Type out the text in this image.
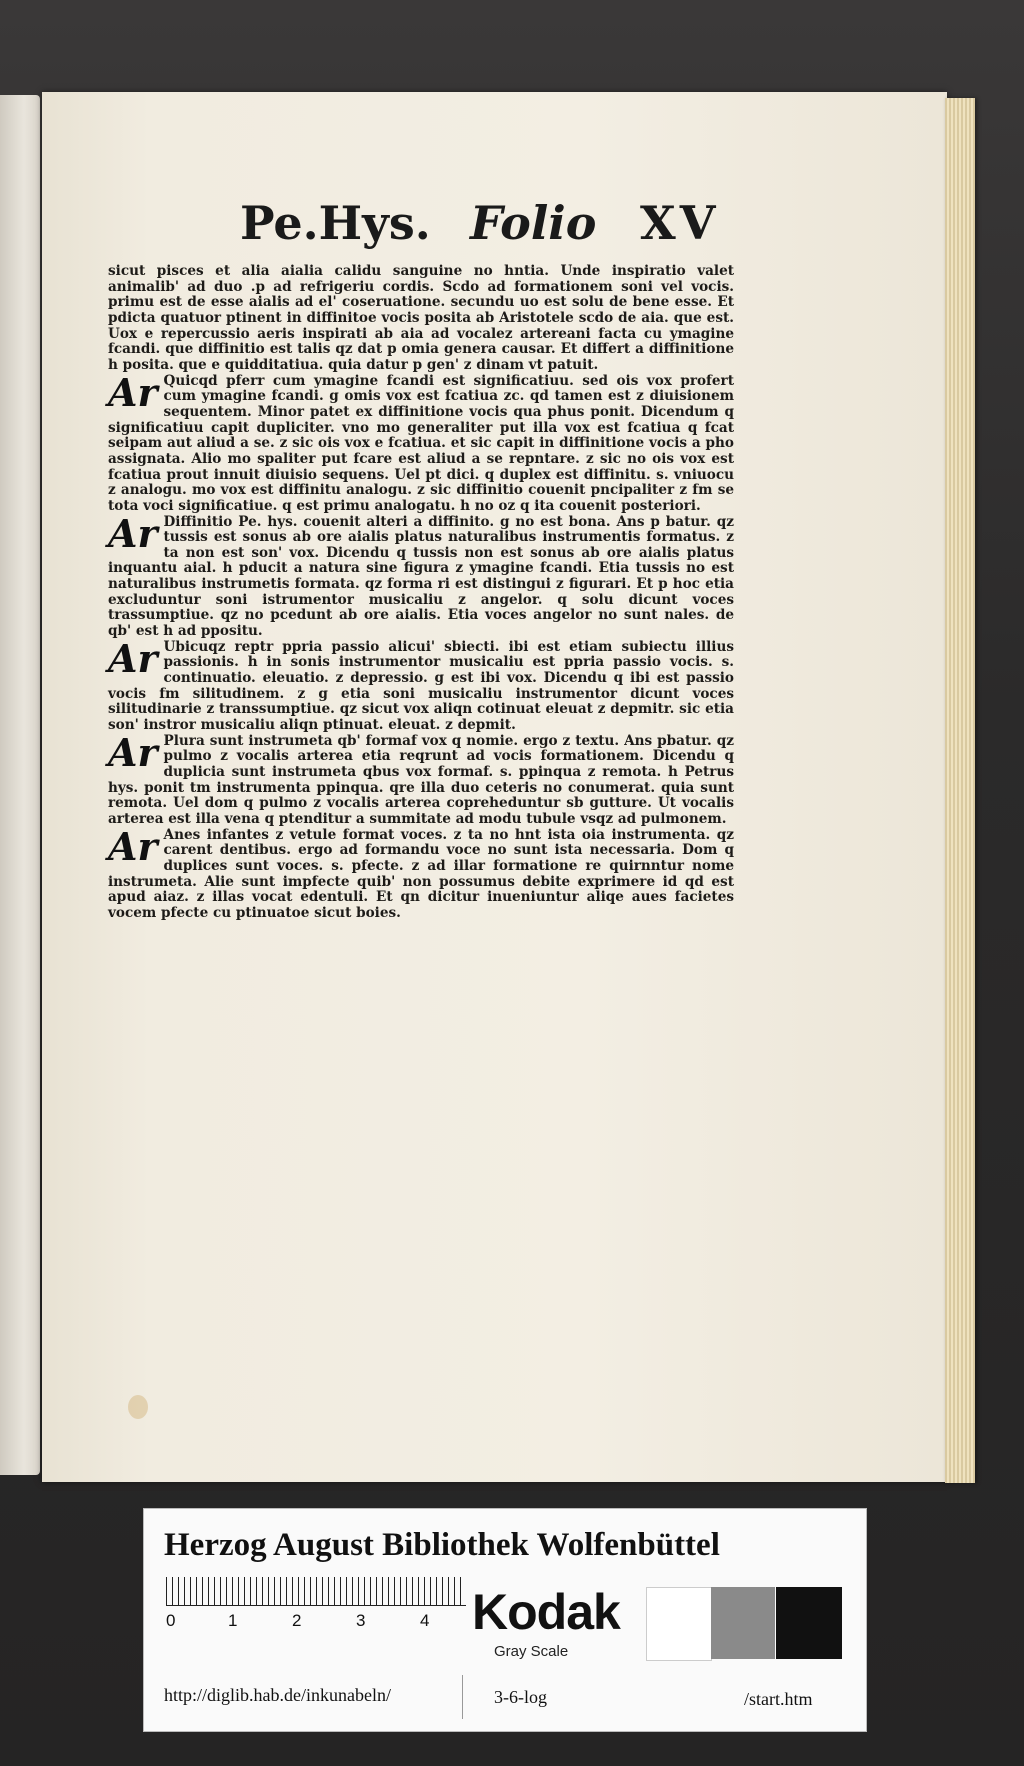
Pe.Hys. Folio XV

sicut pisces et alia aialia calidu sanguine no hntia. Unde inspiratio valet animalib' ad duo .p ad refrigeriu cordis. Scdo ad formationem soni vel vocis. primu est de esse aialis ad el' coseruatione. secundu uo est solu de bene esse. Et pdicta quatuor ptinent in diffinitoe vocis posita ab Aristotele scdo de aia. que est. Uox e repercussio aeris inspirati ab aia ad vocalez artereani facta cu ymagine fcandi. que diffinitio est talis qz dat p omia genera causar. Et differt a diffinitione h posita. que e quidditatiua. quia datur p gen' z dinam vt patuit.

Ar Quicqd pferr cum ymagine fcandi est significatiuu. sed ois vox profert cum ymagine fcandi. g omis vox est fcatiua zc. qd tamen est z diuisionem sequentem. Minor patet ex diffinitione vocis qua phus ponit. Dicendum q significatiuu capit dupliciter. vno mo generaliter put illa vox est fcatiua q fcat seipam aut aliud a se. z sic ois vox e fcatiua. et sic capit in diffinitione vocis a pho assignata. Alio mo spaliter put fcare est aliud a se repntare. z sic no ois vox est fcatiua prout innuit diuisio sequens. Uel pt dici. q duplex est diffinitu. s. vniuocu z analogu. mo vox est diffinitu analogu. z sic diffinitio couenit pncipaliter z fm se tota voci significatiue. q est primu analogatu. h no oz q ita couenit posteriori.

Ar Diffinitio Pe. hys. couenit alteri a diffinito. g no est bona. Ans p batur. qz tussis est sonus ab ore aialis platus naturalibus instrumentis formatus. z ta non est son' vox. Dicendu q tussis non est sonus ab ore aialis platus inquantu aial. h pducit a natura sine figura z ymagine fcandi. Etia tussis no est naturalibus instrumetis formata. qz forma ri est distingui z figurari. Et p hoc etia excluduntur soni istrumentor musicaliu z angelor. q solu dicunt voces trassumptiue. qz no pcedunt ab ore aialis. Etia voces angelor no sunt nales. de qb' est h ad ppositu.

Ar Ubicuqz reptr ppria passio alicui' sbiecti. ibi est etiam subiectu illius passionis. h in sonis instrumentor musicaliu est ppria passio vocis. s. continuatio. eleuatio. z depressio. g est ibi vox. Dicendu q ibi est passio vocis fm silitudinem. z g etia soni musicaliu instrumentor dicunt voces silitudinarie z transsumptiue. qz sicut vox aliqn cotinuat eleuat z depmitr. sic etia son' instror musicaliu aliqn ptinuat. eleuat. z depmit.

Ar Plura sunt instrumeta qb' formaf vox q nomie. ergo z textu. Ans pbatur. qz pulmo z vocalis arterea etia reqrunt ad vocis formationem. Dicendu q duplicia sunt instrumeta qbus vox formaf. s. ppinqua z remota. h Petrus hys. ponit tm instrumenta ppinqua. qre illa duo ceteris no conumerat. quia sunt remota. Uel dom q pulmo z vocalis arterea copreheduntur sb gutture. Ut vocalis arterea est illa vena q ptenditur a summitate ad modu tubule vsqz ad pulmonem.

Ar Anes infantes z vetule format voces. z ta no hnt ista oia instrumenta. qz carent dentibus. ergo ad formandu voce no sunt ista necessaria. Dom q duplices sunt voces. s. pfecte. z ad illar formatione re quirnntur nome instrumeta. Alie sunt impfecte quib' non possumus debite exprimere id qd est apud aiaz. z illas vocat edentuli. Et qn dicitur inueniuntur aliqe aues facietes vocem pfecte cu ptinuatoe sicut boies.

Herzog August Bibliothek Wolfenbüttel
0	1	2	3	4 Kodak
Gray Scale
http://diglib.hab.de/inkunabeln/	3-6-log	/start.htm
